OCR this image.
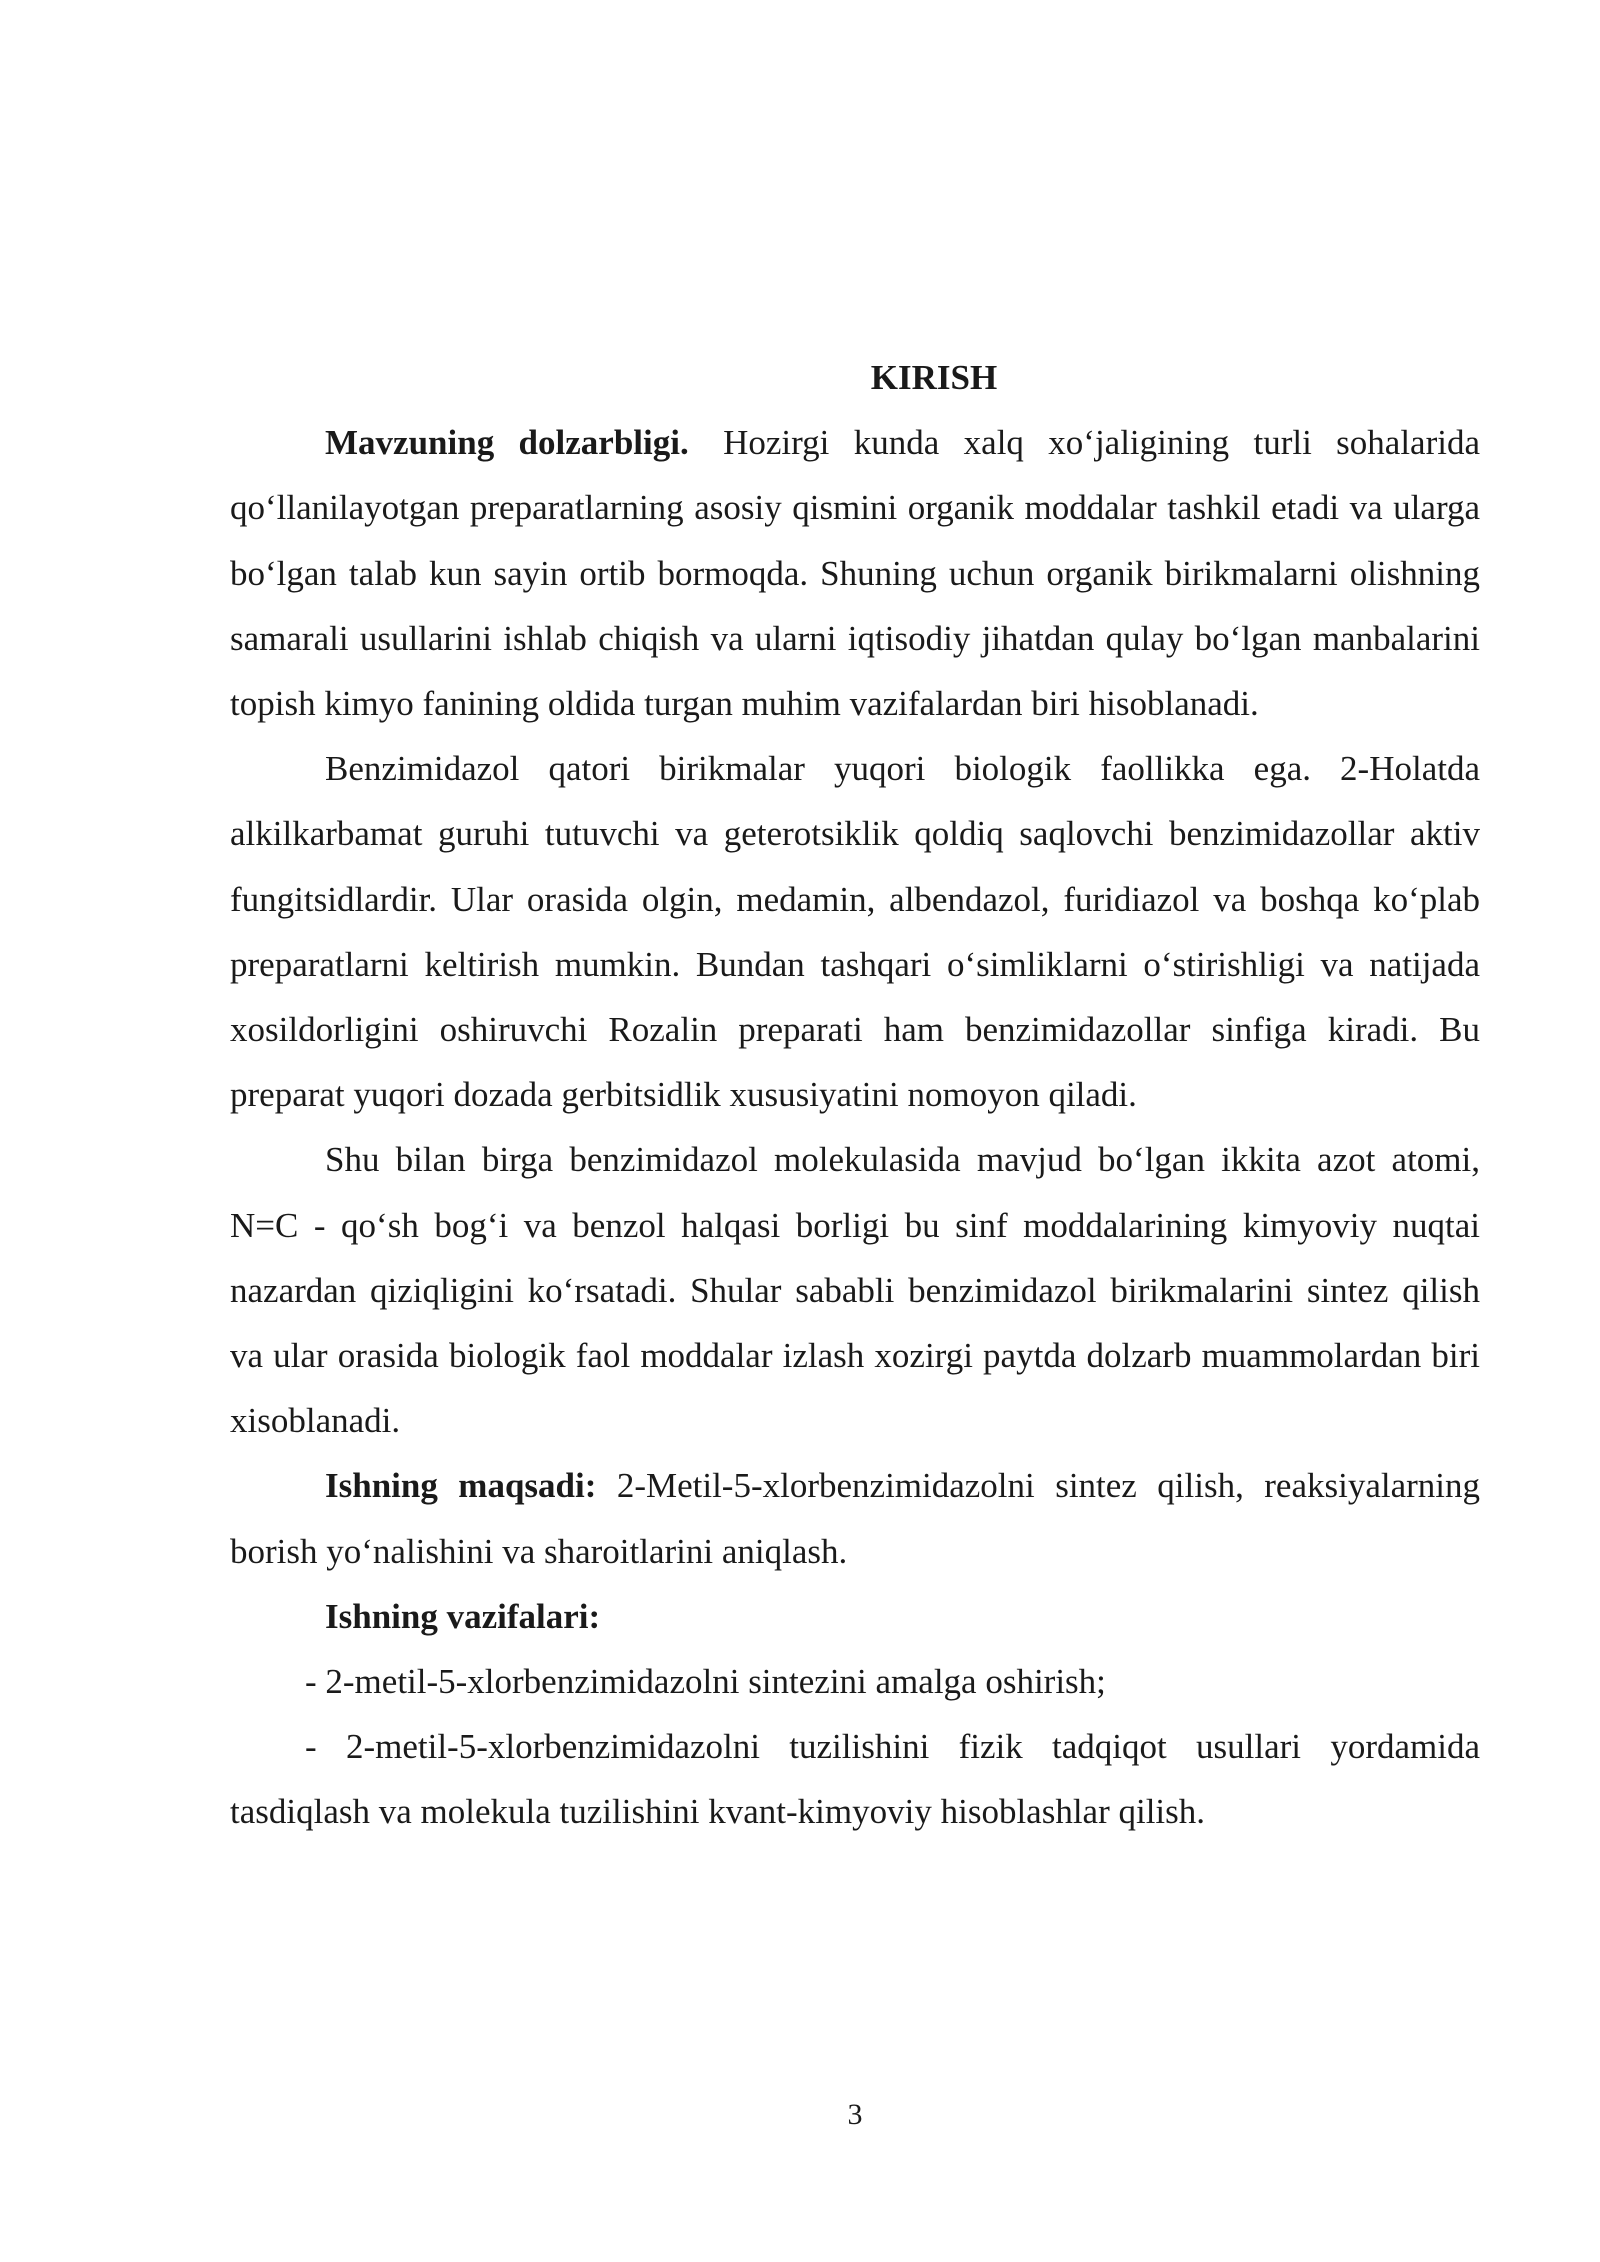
KIRISH

Mavzuning dolzarbligi. Hozirgi kunda xalq xo‘jaligining turli sohalarida qo‘llanilayotgan preparatlarning asosiy qismini organik moddalar tashkil etadi va ularga bo‘lgan talab kun sayin ortib bormoqda. Shuning uchun organik birikmalarni olishning samarali usullarini ishlab chiqish va ularni iqtisodiy jihatdan qulay bo‘lgan manbalarini topish kimyo fanining oldida turgan muhim vazifalardan biri hisoblanadi.

Benzimidazol qatori birikmalar yuqori biologik faollikka ega. 2-Holatda alkilkarbamat guruhi tutuvchi va geterotsiklik qoldiq saqlovchi benzimidazollar aktiv fungitsidlardir. Ular orasida olgin, medamin, albendazol, furidiazol va boshqa ko‘plab preparatlarni keltirish mumkin. Bundan tashqari o‘simliklarni o‘stirishligi va natijada xosildorligini oshiruvchi Rozalin preparati ham benzimidazollar sinfiga kiradi. Bu preparat yuqori dozada gerbitsidlik xususiyatini nomoyon qiladi.

Shu bilan birga benzimidazol molekulasida mavjud bo‘lgan ikkita azot atomi, N=C - qo‘sh bog‘i va benzol halqasi borligi bu sinf moddalarining kimyoviy nuqtai nazardan qiziqligini ko‘rsatadi. Shular sababli benzimidazol birikmalarini sintez qilish va ular orasida biologik faol moddalar izlash xozirgi paytda dolzarb muammolardan biri xisoblanadi.

Ishning maqsadi: 2-Metil-5-xlorbenzimidazolni sintez qilish, reaksiyalarning borish yo‘nalishini va sharoitlarini aniqlash.

Ishning vazifalari:

- 2-metil-5-xlorbenzimidazolni sintezini amalga oshirish;

- 2-metil-5-xlorbenzimidazolni tuzilishini fizik tadqiqot usullari yordamida tasdiqlash va molekula tuzilishini kvant-kimyoviy hisoblashlar qilish.

3
